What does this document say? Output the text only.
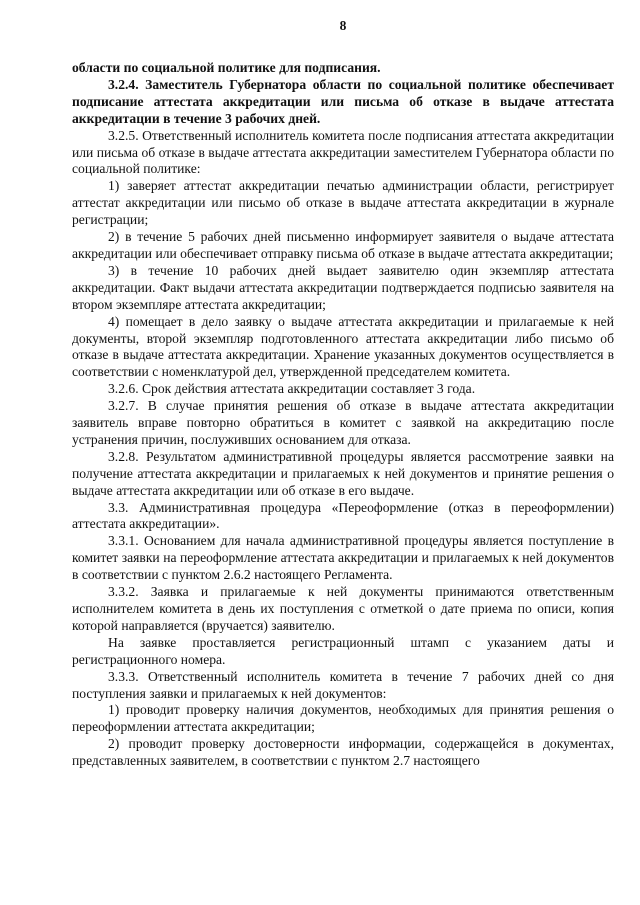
8

области по социальной политике для подписания.

3.2.4. Заместитель Губернатора области по социальной политике обеспечивает подписание аттестата аккредитации или письма об отказе в выдаче аттестата аккредитации в течение 3 рабочих дней.

3.2.5. Ответственный исполнитель комитета после подписания аттестата аккредитации или письма об отказе в выдаче аттестата аккредитации заместителем Губернатора области по социальной политике:

1) заверяет аттестат аккредитации печатью администрации области, регистрирует аттестат аккредитации или письмо об отказе в выдаче аттестата аккредитации в журнале регистрации;

2) в течение 5 рабочих дней письменно информирует заявителя о выдаче аттестата аккредитации или обеспечивает отправку письма об отказе в выдаче аттестата аккредитации;

3) в течение 10 рабочих дней выдает заявителю один экземпляр аттестата аккредитации. Факт выдачи аттестата аккредитации подтверждается подписью заявителя на втором экземпляре аттестата аккредитации;

4) помещает в дело заявку о выдаче аттестата аккредитации и прилагаемые к ней документы, второй экземпляр подготовленного аттестата аккредитации либо письмо об отказе в выдаче аттестата аккредитации. Хранение указанных документов осуществляется в соответствии с номенклатурой дел, утвержденной председателем комитета.

3.2.6. Срок действия аттестата аккредитации составляет 3 года.

3.2.7. В случае принятия решения об отказе в выдаче аттестата аккредитации заявитель вправе повторно обратиться в комитет с заявкой на аккредитацию после устранения причин, послуживших основанием для отказа.

3.2.8. Результатом административной процедуры является рассмотрение заявки на получение аттестата аккредитации и прилагаемых к ней документов и принятие решения о выдаче аттестата аккредитации или об отказе в его выдаче.

3.3. Административная процедура «Переоформление (отказ в переоформлении) аттестата аккредитации».

3.3.1. Основанием для начала административной процедуры является поступление в комитет заявки на переоформление аттестата аккредитации и прилагаемых к ней документов в соответствии с пунктом 2.6.2 настоящего Регламента.

3.3.2. Заявка и прилагаемые к ней документы принимаются ответственным исполнителем комитета в день их поступления с отметкой о дате приема по описи, копия которой направляется (вручается) заявителю.

На заявке проставляется регистрационный штамп с указанием даты и регистрационного номера.

3.3.3. Ответственный исполнитель комитета в течение 7 рабочих дней со дня поступления заявки и прилагаемых к ней документов:

1) проводит проверку наличия документов, необходимых для принятия решения о переоформлении аттестата аккредитации;

2) проводит проверку достоверности информации, содержащейся в документах, представленных заявителем, в соответствии с пунктом 2.7 настоящего
